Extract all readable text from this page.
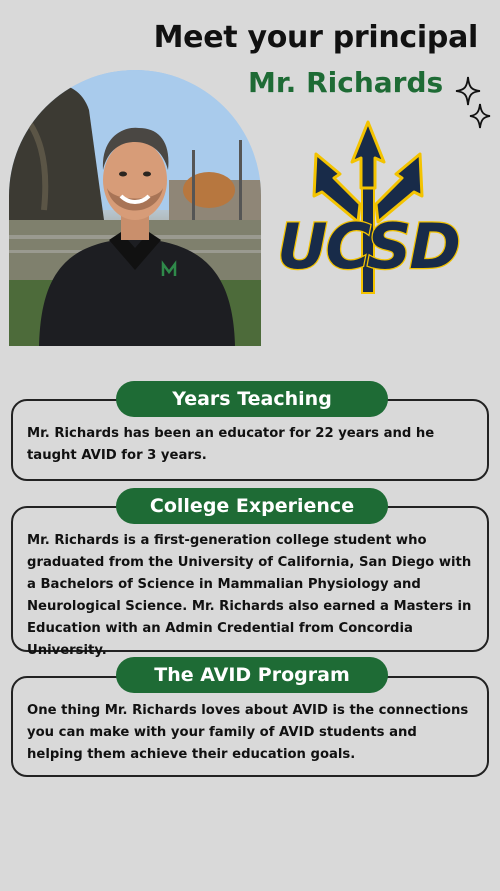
Meet your principal
Mr. Richards
UCSD
Years Teaching
Mr. Richards has been an educator for 22 years and he taught AVID for 3 years.
College Experience
Mr. Richards is a first-generation college student who graduated from the University of California, San Diego with a Bachelors of Science in Mammalian Physiology and Neurological Science. Mr. Richards also earned a Masters in Education with an Admin Credential from Concordia University.
The AVID Program
One thing Mr. Richards loves about AVID is the connections you can make with your family of AVID students and helping them achieve their education goals.
